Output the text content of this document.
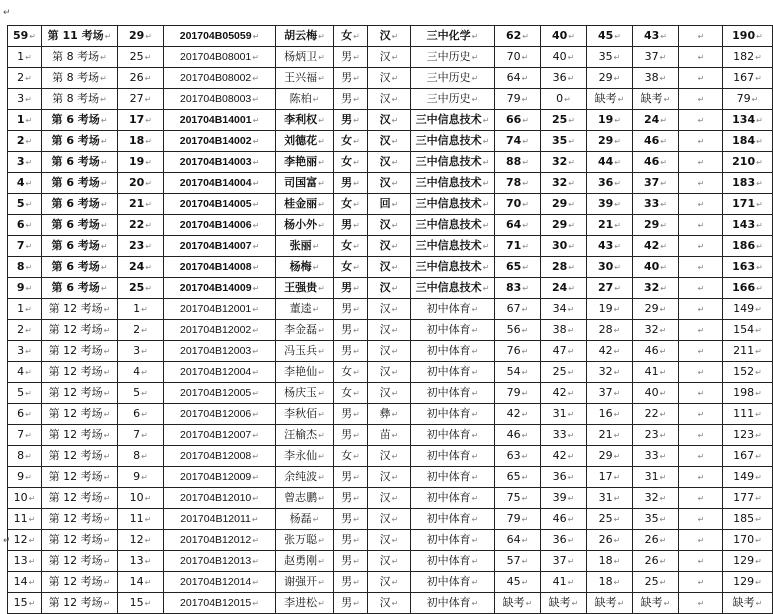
↵
59↵	第 11 考场↵	29↵	201704B05059↵	胡云梅↵	女↵	汉↵	三中化学↵	62↵	40↵	45↵	43↵	↵	190↵
1↵	第 8 考场↵	25↵	201704B08001↵	杨炳卫↵	男↵	汉↵	三中历史↵	70↵	40↵	35↵	37↵	↵	182↵
2↵	第 8 考场↵	26↵	201704B08002↵	王兴福↵	男↵	汉↵	三中历史↵	64↵	36↵	29↵	38↵	↵	167↵
3↵	第 8 考场↵	27↵	201704B08003↵	陈柏↵	男↵	汉↵	三中历史↵	79↵	0↵	缺考↵	缺考↵	↵	79↵
1↵	第 6 考场↵	17↵	201704B14001↵	李利权↵	男↵	汉↵	三中信息技术↵	66↵	25↵	19↵	24↵	↵	134↵
2↵	第 6 考场↵	18↵	201704B14002↵	刘德花↵	女↵	汉↵	三中信息技术↵	74↵	35↵	29↵	46↵	↵	184↵
3↵	第 6 考场↵	19↵	201704B14003↵	李艳丽↵	女↵	汉↵	三中信息技术↵	88↵	32↵	44↵	46↵	↵	210↵
4↵	第 6 考场↵	20↵	201704B14004↵	司国富↵	男↵	汉↵	三中信息技术↵	78↵	32↵	36↵	37↵	↵	183↵
5↵	第 6 考场↵	21↵	201704B14005↵	桂金丽↵	女↵	回↵	三中信息技术↵	70↵	29↵	39↵	33↵	↵	171↵
6↵	第 6 考场↵	22↵	201704B14006↵	杨小外↵	男↵	汉↵	三中信息技术↵	64↵	29↵	21↵	29↵	↵	143↵
7↵	第 6 考场↵	23↵	201704B14007↵	张丽↵	女↵	汉↵	三中信息技术↵	71↵	30↵	43↵	42↵	↵	186↵
8↵	第 6 考场↵	24↵	201704B14008↵	杨梅↵	女↵	汉↵	三中信息技术↵	65↵	28↵	30↵	40↵	↵	163↵
9↵	第 6 考场↵	25↵	201704B14009↵	王强贵↵	男↵	汉↵	三中信息技术↵	83↵	24↵	27↵	32↵	↵	166↵
1↵	第 12 考场↵	1↵	201704B12001↵	董逵↵	男↵	汉↵	初中体育↵	67↵	34↵	19↵	29↵	↵	149↵
2↵	第 12 考场↵	2↵	201704B12002↵	李金磊↵	男↵	汉↵	初中体育↵	56↵	38↵	28↵	32↵	↵	154↵
3↵	第 12 考场↵	3↵	201704B12003↵	冯玉兵↵	男↵	汉↵	初中体育↵	76↵	47↵	42↵	46↵	↵	211↵
4↵	第 12 考场↵	4↵	201704B12004↵	李艳仙↵	女↵	汉↵	初中体育↵	54↵	25↵	32↵	41↵	↵	152↵
5↵	第 12 考场↵	5↵	201704B12005↵	杨庆玉↵	女↵	汉↵	初中体育↵	79↵	42↵	37↵	40↵	↵	198↵
6↵	第 12 考场↵	6↵	201704B12006↵	李秋佰↵	男↵	彝↵	初中体育↵	42↵	31↵	16↵	22↵	↵	111↵
7↵	第 12 考场↵	7↵	201704B12007↵	汪榆杰↵	男↵	苗↵	初中体育↵	46↵	33↵	21↵	23↵	↵	123↵
8↵	第 12 考场↵	8↵	201704B12008↵	李永仙↵	女↵	汉↵	初中体育↵	63↵	42↵	29↵	33↵	↵	167↵
9↵	第 12 考场↵	9↵	201704B12009↵	余纯波↵	男↵	汉↵	初中体育↵	65↵	36↵	17↵	31↵	↵	149↵
10↵	第 12 考场↵	10↵	201704B12010↵	曾志鹏↵	男↵	汉↵	初中体育↵	75↵	39↵	31↵	32↵	↵	177↵
11↵	第 12 考场↵	11↵	201704B12011↵	杨磊↵	男↵	汉↵	初中体育↵	79↵	46↵	25↵	35↵	↵	185↵
12↵	第 12 考场↵	12↵	201704B12012↵	张万聪↵	男↵	汉↵	初中体育↵	64↵	36↵	26↵	26↵	↵	170↵
13↵	第 12 考场↵	13↵	201704B12013↵	赵勇刚↵	男↵	汉↵	初中体育↵	57↵	37↵	18↵	26↵	↵	129↵
14↵	第 12 考场↵	14↵	201704B12014↵	谢强开↵	男↵	汉↵	初中体育↵	45↵	41↵	18↵	25↵	↵	129↵
15↵	第 12 考场↵	15↵	201704B12015↵	李进松↵	男↵	汉↵	初中体育↵	缺考↵	缺考↵	缺考↵	缺考↵	↵	缺考↵
↵
